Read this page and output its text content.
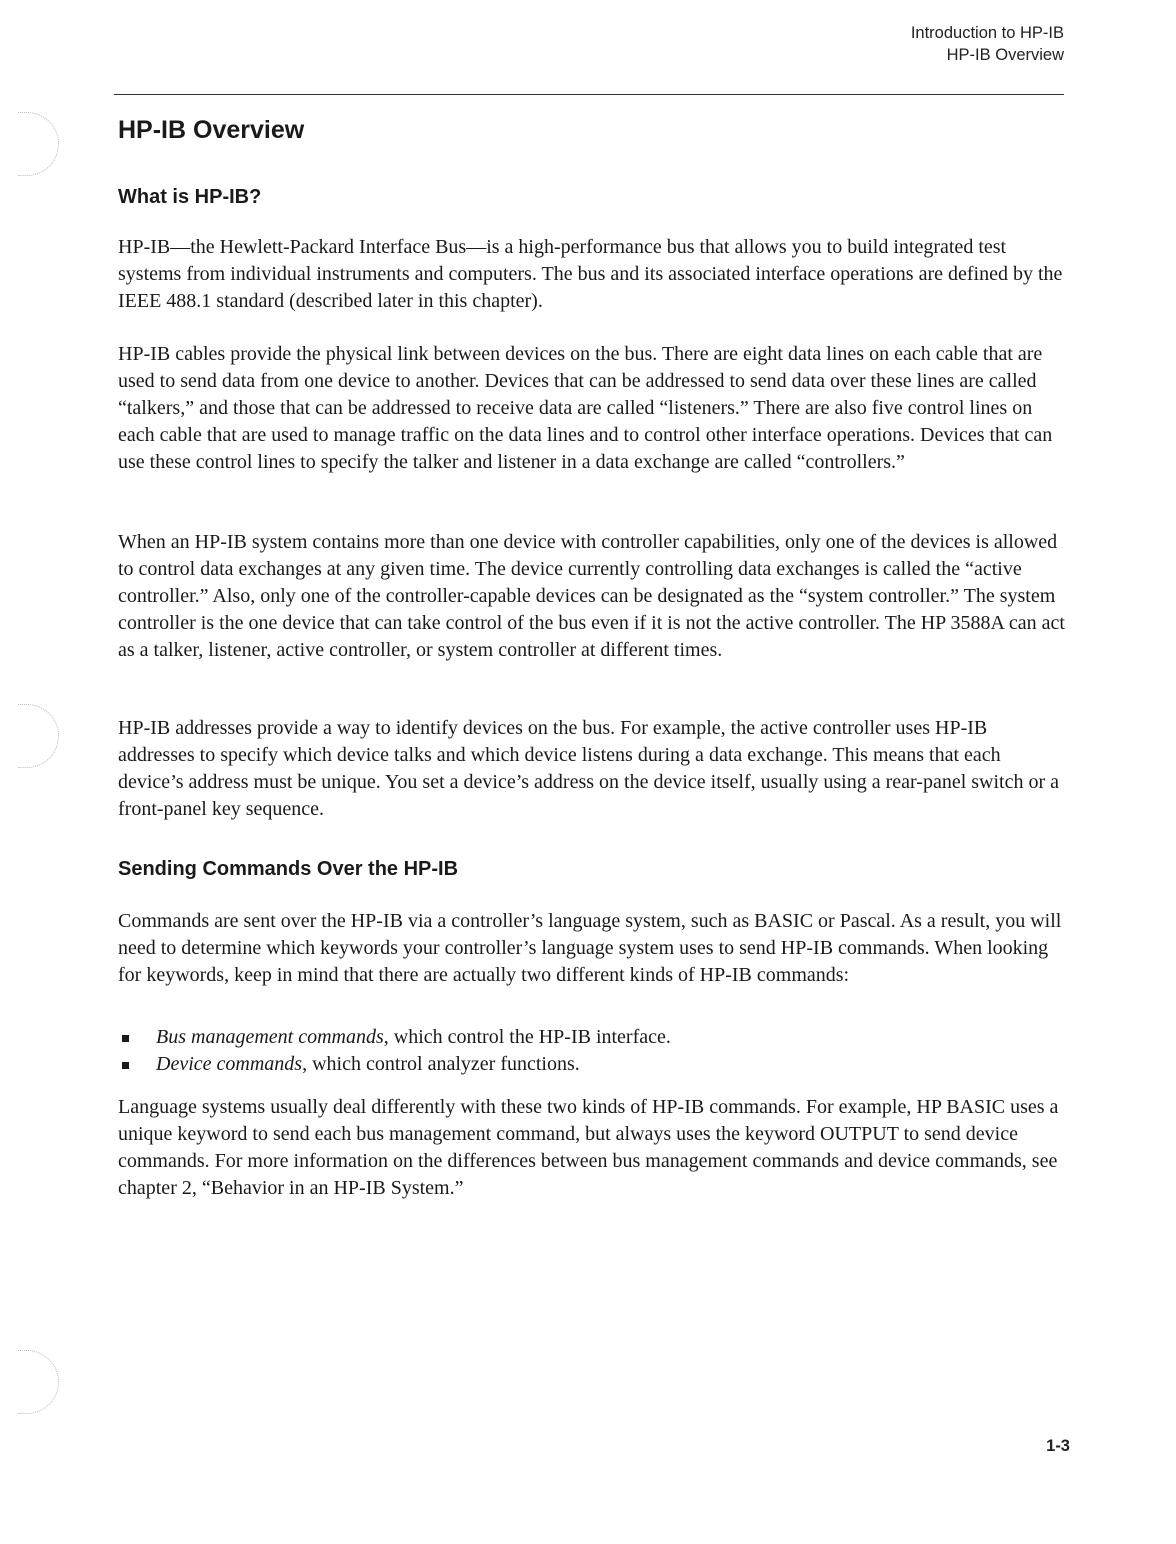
Introduction to HP-IB
HP-IB Overview
HP-IB Overview
What is HP-IB?

HP-IB—the Hewlett-Packard Interface Bus—is a high-performance bus that allows you to build integrated test systems from individual instruments and computers. The bus and its associated interface operations are defined by the IEEE 488.1 standard (described later in this chapter).

HP-IB cables provide the physical link between devices on the bus. There are eight data lines on each cable that are used to send data from one device to another. Devices that can be addressed to send data over these lines are called “talkers,” and those that can be addressed to receive data are called “listeners.” There are also five control lines on each cable that are used to manage traffic on the data lines and to control other interface operations. Devices that can use these control lines to specify the talker and listener in a data exchange are called “controllers.”

When an HP-IB system contains more than one device with controller capabilities, only one of the devices is allowed to control data exchanges at any given time. The device currently controlling data exchanges is called the “active controller.” Also, only one of the controller-capable devices can be designated as the “system controller.” The system controller is the one device that can take control of the bus even if it is not the active controller. The HP 3588A can act as a talker, listener, active controller, or system controller at different times.

HP-IB addresses provide a way to identify devices on the bus. For example, the active controller uses HP-IB addresses to specify which device talks and which device listens during a data exchange. This means that each device’s address must be unique. You set a device’s address on the device itself, usually using a rear-panel switch or a front-panel key sequence.

Sending Commands Over the HP-IB

Commands are sent over the HP-IB via a controller’s language system, such as BASIC or Pascal. As a result, you will need to determine which keywords your controller’s language system uses to send HP-IB commands. When looking for keywords, keep in mind that there are actually two different kinds of HP-IB commands:

Bus management commands, which control the HP-IB interface.
Device commands, which control analyzer functions.

Language systems usually deal differently with these two kinds of HP-IB commands. For example, HP BASIC uses a unique keyword to send each bus management command, but always uses the keyword OUTPUT to send device commands. For more information on the differences between bus management commands and device commands, see chapter 2, “Behavior in an HP-IB System.”

1-3
